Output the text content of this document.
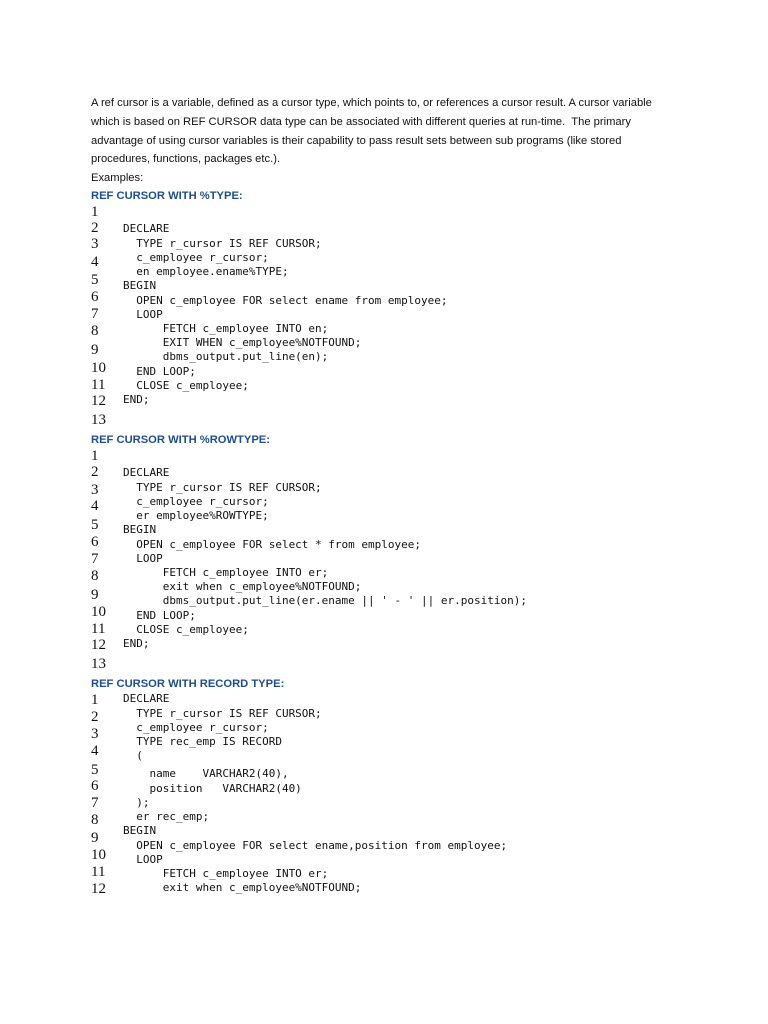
A ref cursor is a variable, defined as a cursor type, which points to, or references a cursor result. A cursor variable
which is based on REF CURSOR data type can be associated with different queries at run-time.  The primary
advantage of using cursor variables is their capability to pass result sets between sub programs (like stored
procedures, functions, packages etc.).

Examples:
REF CURSOR WITH %TYPE:
1
2
3
4
5
6
7
8
9
10
11
12
13
DECLARE
TYPE r_cursor IS REF CURSOR;
c_employee r_cursor;
en employee.ename%TYPE;
BEGIN
OPEN c_employee FOR select ename from employee;
LOOP
FETCH c_employee INTO en;
EXIT WHEN c_employee%NOTFOUND;
dbms_output.put_line(en);
END LOOP;
CLOSE c_employee;
END;
REF CURSOR WITH %ROWTYPE:
1
2
3
4
5
6
7
8
9
10
11
12
13
DECLARE
TYPE r_cursor IS REF CURSOR;
c_employee r_cursor;
er employee%ROWTYPE;
BEGIN
OPEN c_employee FOR select * from employee;
LOOP
FETCH c_employee INTO er;
exit when c_employee%NOTFOUND;
dbms_output.put_line(er.ename || ' - ' || er.position);
END LOOP;
CLOSE c_employee;
END;
REF CURSOR WITH RECORD TYPE:
1
2
3
4
5
6
7
8
9
10
11
12
DECLARE
TYPE r_cursor IS REF CURSOR;
c_employee r_cursor;
TYPE rec_emp IS RECORD
(
name    VARCHAR2(40),
position   VARCHAR2(40)
);
er rec_emp;
BEGIN
OPEN c_employee FOR select ename,position from employee;
LOOP
FETCH c_employee INTO er;
exit when c_employee%NOTFOUND;
